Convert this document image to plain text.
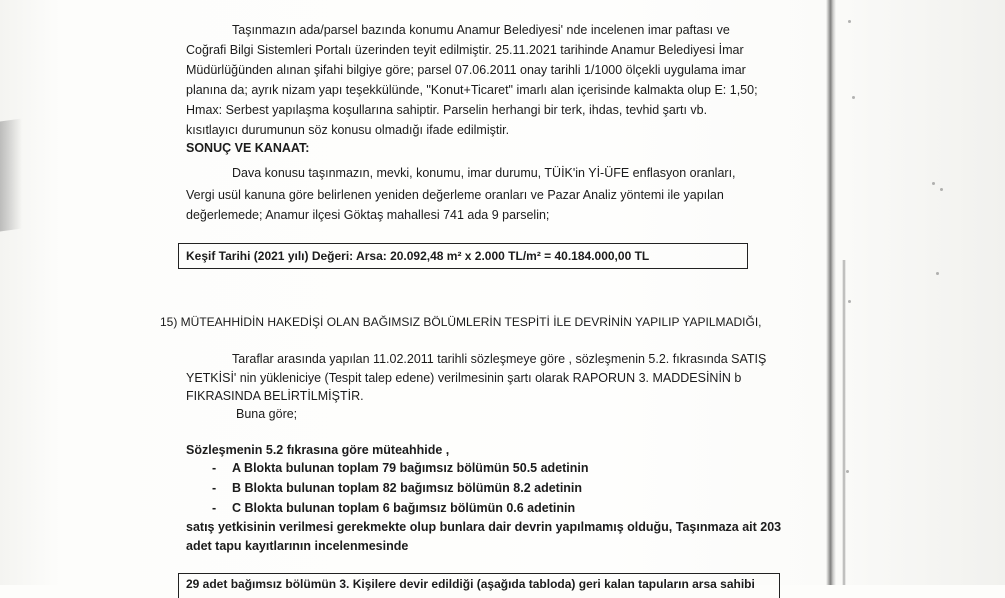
Taşınmazın ada/parsel bazında konumu Anamur Belediyesi' nde incelenen imar paftası ve
Coğrafi Bilgi Sistemleri Portalı üzerinden teyit edilmiştir. 25.11.2021 tarihinde Anamur Belediyesi İmar
Müdürlüğünden alınan şifahi bilgiye göre; parsel 07.06.2011 onay tarihli 1/1000 ölçekli uygulama imar
planına da; ayrık nizam yapı teşekkülünde, "Konut+Ticaret" imarlı alan içerisinde kalmakta olup E: 1,50;
Hmax: Serbest yapılaşma koşullarına sahiptir. Parselin herhangi bir terk, ihdas, tevhid şartı vb.
kısıtlayıcı durumunun söz konusu olmadığı ifade edilmiştir.
SONUÇ VE KANAAT:
Dava konusu taşınmazın, mevki, konumu, imar durumu, TÜİK'in Yİ-ÜFE enflasyon oranları,
Vergi usül kanuna göre belirlenen yeniden değerleme oranları ve Pazar Analiz yöntemi ile yapılan
değerlemede; Anamur ilçesi Göktaş mahallesi 741 ada 9 parselin;
Keşif Tarihi (2021 yılı) Değeri: Arsa: 20.092,48 m² x 2.000 TL/m² = 40.184.000,00 TL
15) MÜTEAHHİDİN HAKEDİŞİ OLAN BAĞIMSIZ BÖLÜMLERİN TESPİTİ İLE DEVRİNİN YAPILIP YAPILMADIĞI,
Taraflar arasında yapılan 11.02.2011 tarihli sözleşmeye göre , sözleşmenin 5.2. fıkrasında SATIŞ
YETKİSİ' nin yükleniciye (Tespit talep edene) verilmesinin şartı olarak RAPORUN 3. MADDESİNİN b
FIKRASINDA BELİRTİLMİŞTİR.
Buna göre;
Sözleşmenin 5.2 fıkrasına göre müteahhide ,
- A Blokta bulunan toplam 79 bağımsız bölümün 50.5 adetinin
- B Blokta bulunan toplam 82 bağımsız bölümün 8.2 adetinin
- C Blokta bulunan toplam 6 bağımsız bölümün 0.6 adetinin
satış yetkisinin verilmesi gerekmekte olup bunlara dair devrin yapılmamış olduğu, Taşınmaza ait 203
adet tapu kayıtlarının incelenmesinde
29 adet bağımsız bölümün 3. Kişilere devir edildiği (aşağıda tabloda) geri kalan tapuların arsa sahibi
